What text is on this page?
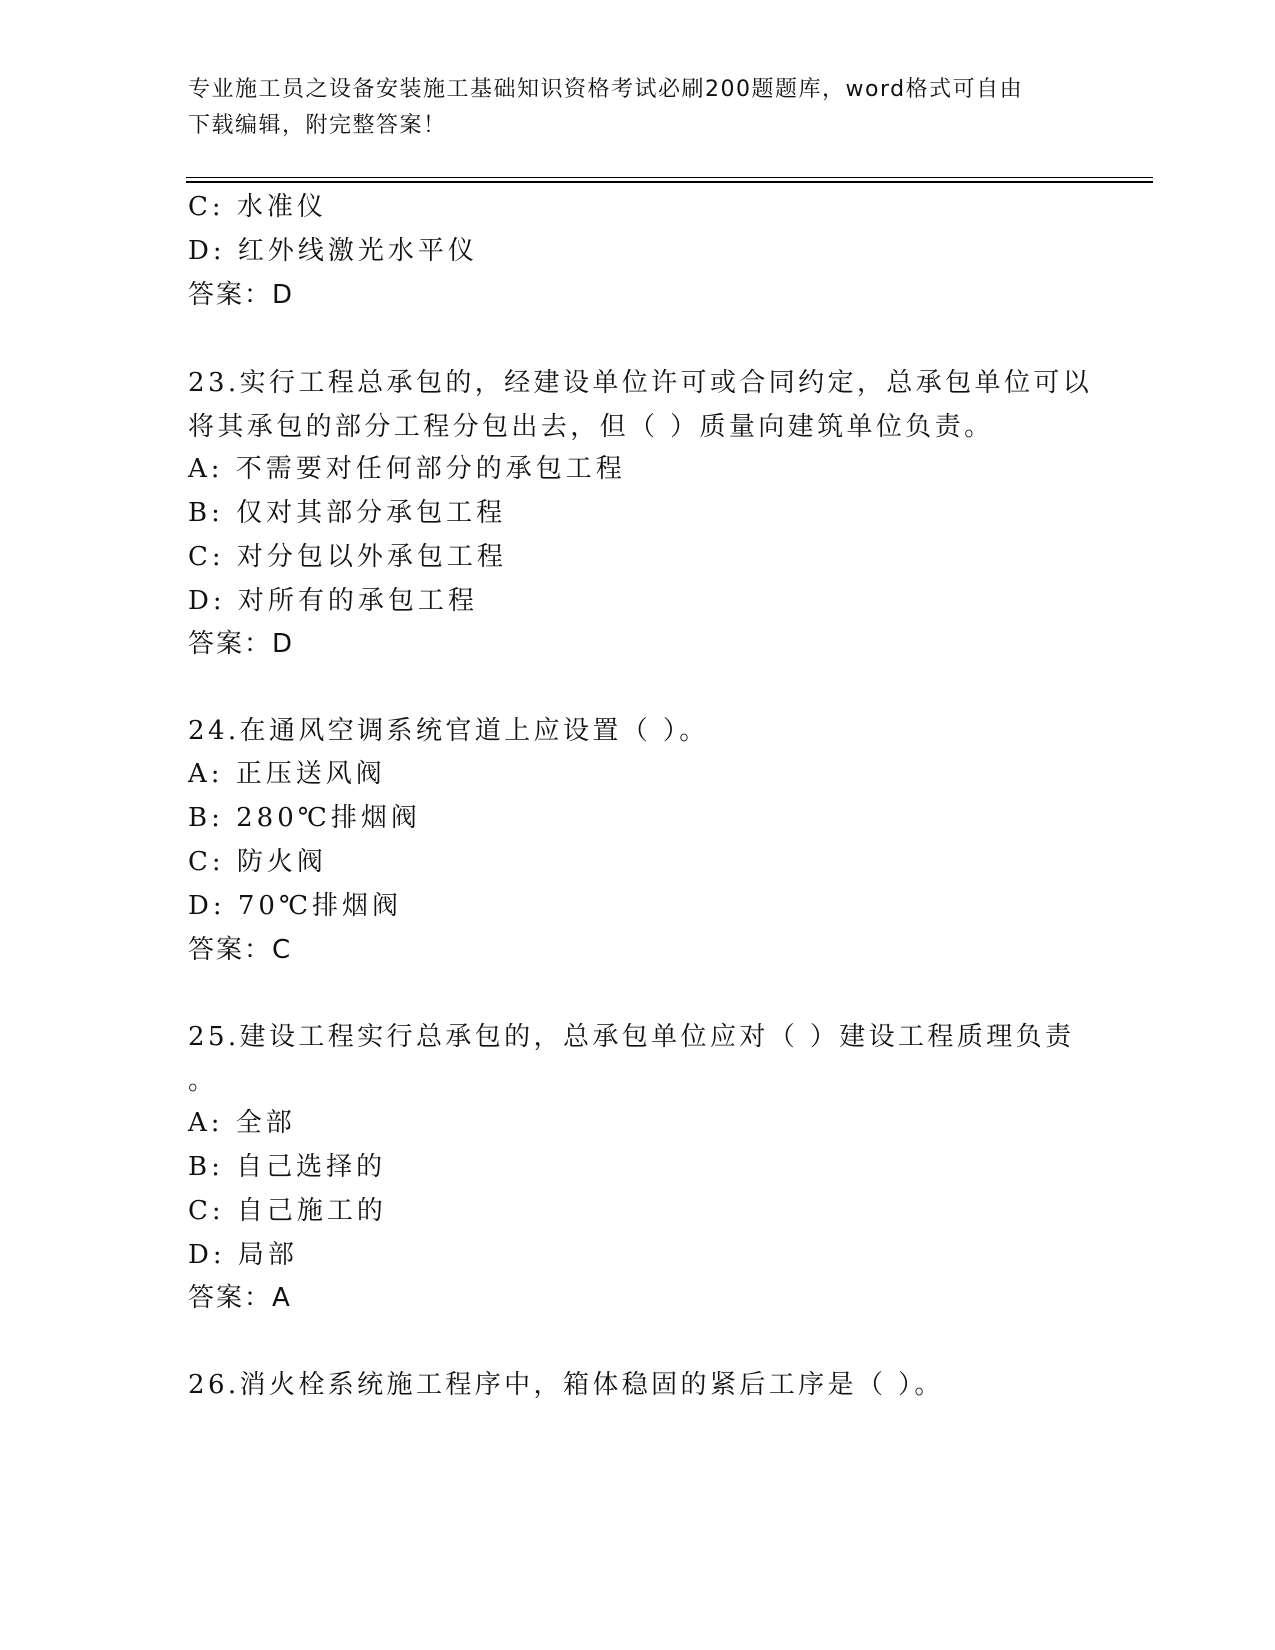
专业施工员之设备安装施工基础知识资格考试必刷200题题库，word格式可自由
下载编辑，附完整答案！
C: 水准仪
D: 红外线激光水平仪
答案：D
23.实行工程总承包的，经建设单位许可或合同约定，总承包单位可以
将其承包的部分工程分包出去，但（ ）质量向建筑单位负责。
A: 不需要对任何部分的承包工程
B: 仅对其部分承包工程
C: 对分包以外承包工程
D: 对所有的承包工程
答案：D
24.在通风空调系统官道上应设置（ ）。
A: 正压送风阀
B: 280℃排烟阀
C: 防火阀
D: 70℃排烟阀
答案：C
25.建设工程实行总承包的，总承包单位应对（ ）建设工程质理负责
。
A: 全部
B: 自己选择的
C: 自己施工的
D: 局部
答案：A
26.消火栓系统施工程序中，箱体稳固的紧后工序是（ ）。
